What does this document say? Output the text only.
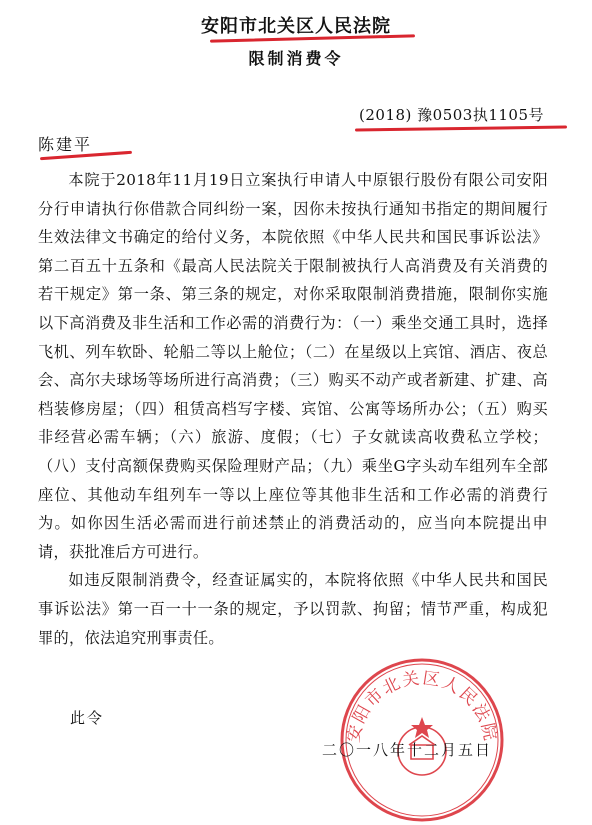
安阳市北关区人民法院
限制消费令
(2018) 豫0503执1105号
陈建平

本院于2018年11月19日立案执行申请人中原银行股份有限公司安阳分行申请执行你借款合同纠纷一案，因你未按执行通知书指定的期间履行生效法律文书确定的给付义务，本院依照《中华人民共和国民事诉讼法》第二百五十五条和《最高人民法院关于限制被执行人高消费及有关消费的若干规定》第一条、第三条的规定，对你采取限制消费措施，限制你实施以下高消费及非生活和工作必需的消费行为：（一）乘坐交通工具时，选择飞机、列车软卧、轮船二等以上舱位；（二）在星级以上宾馆、酒店、夜总会、高尔夫球场等场所进行高消费；（三）购买不动产或者新建、扩建、高档装修房屋；（四）租赁高档写字楼、宾馆、公寓等场所办公；（五）购买非经营必需车辆；（六）旅游、度假；（七）子女就读高收费私立学校；（八）支付高额保费购买保险理财产品；（九）乘坐G字头动车组列车全部座位、其他动车组列车一等以上座位等其他非生活和工作必需的消费行为。如你因生活必需而进行前述禁止的消费活动的，应当向本院提出申请，获批准后方可进行。

如违反限制消费令，经查证属实的，本院将依照《中华人民共和国民事诉讼法》第一百一十一条的规定，予以罚款、拘留；情节严重，构成犯罪的，依法追究刑事责任。

安阳市北关区人民法院
此令
二〇一八年十二月五日
